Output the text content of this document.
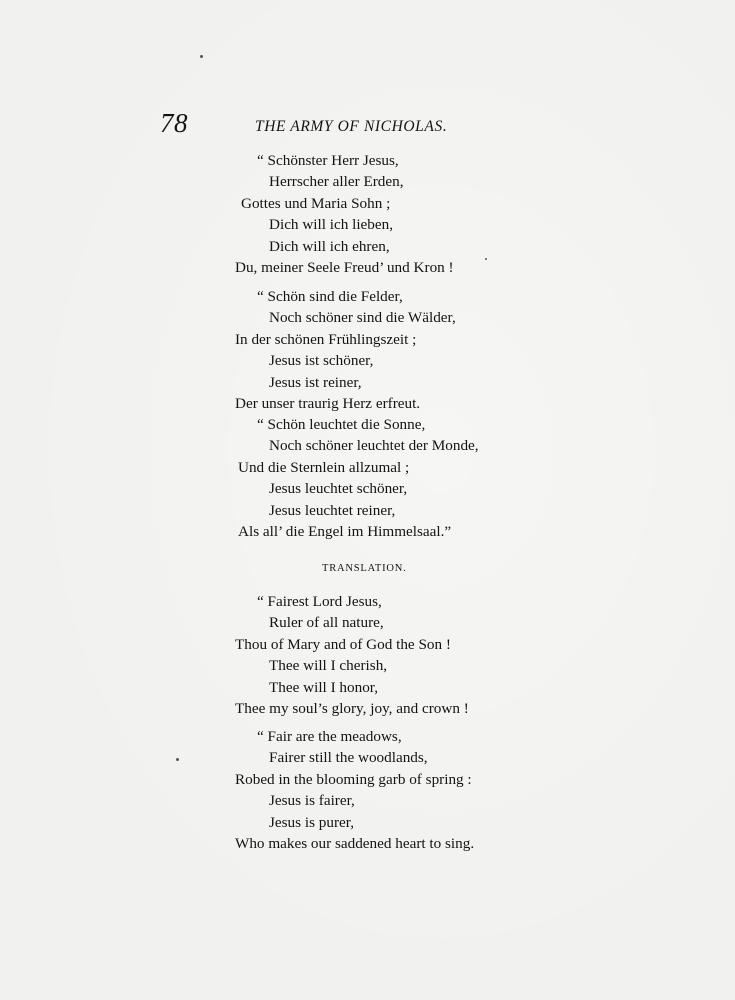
78	THE ARMY OF NICHOLAS.
“ Schönster Herr Jesus,
Herrscher aller Erden,
Gottes und Maria Sohn ;
Dich will ich lieben,
Dich will ich ehren,
Du, meiner Seele Freud’ und Kron !
“ Schön sind die Felder,
Noch schöner sind die Wälder,
In der schönen Frühlingszeit ;
Jesus ist schöner,
Jesus ist reiner,
Der unser traurig Herz erfreut.
“ Schön leuchtet die Sonne,
Noch schöner leuchtet der Monde,
Und die Sternlein allzumal ;
Jesus leuchtet schöner,
Jesus leuchtet reiner,
Als all’ die Engel im Himmelsaal.”
TRANSLATION.
“ Fairest Lord Jesus,
Ruler of all nature,
Thou of Mary and of God the Son !
Thee will I cherish,
Thee will I honor,
Thee my soul’s glory, joy, and crown !
“ Fair are the meadows,
Fairer still the woodlands,
Robed in the blooming garb of spring :
Jesus is fairer,
Jesus is purer,
Who makes our saddened heart to sing.
